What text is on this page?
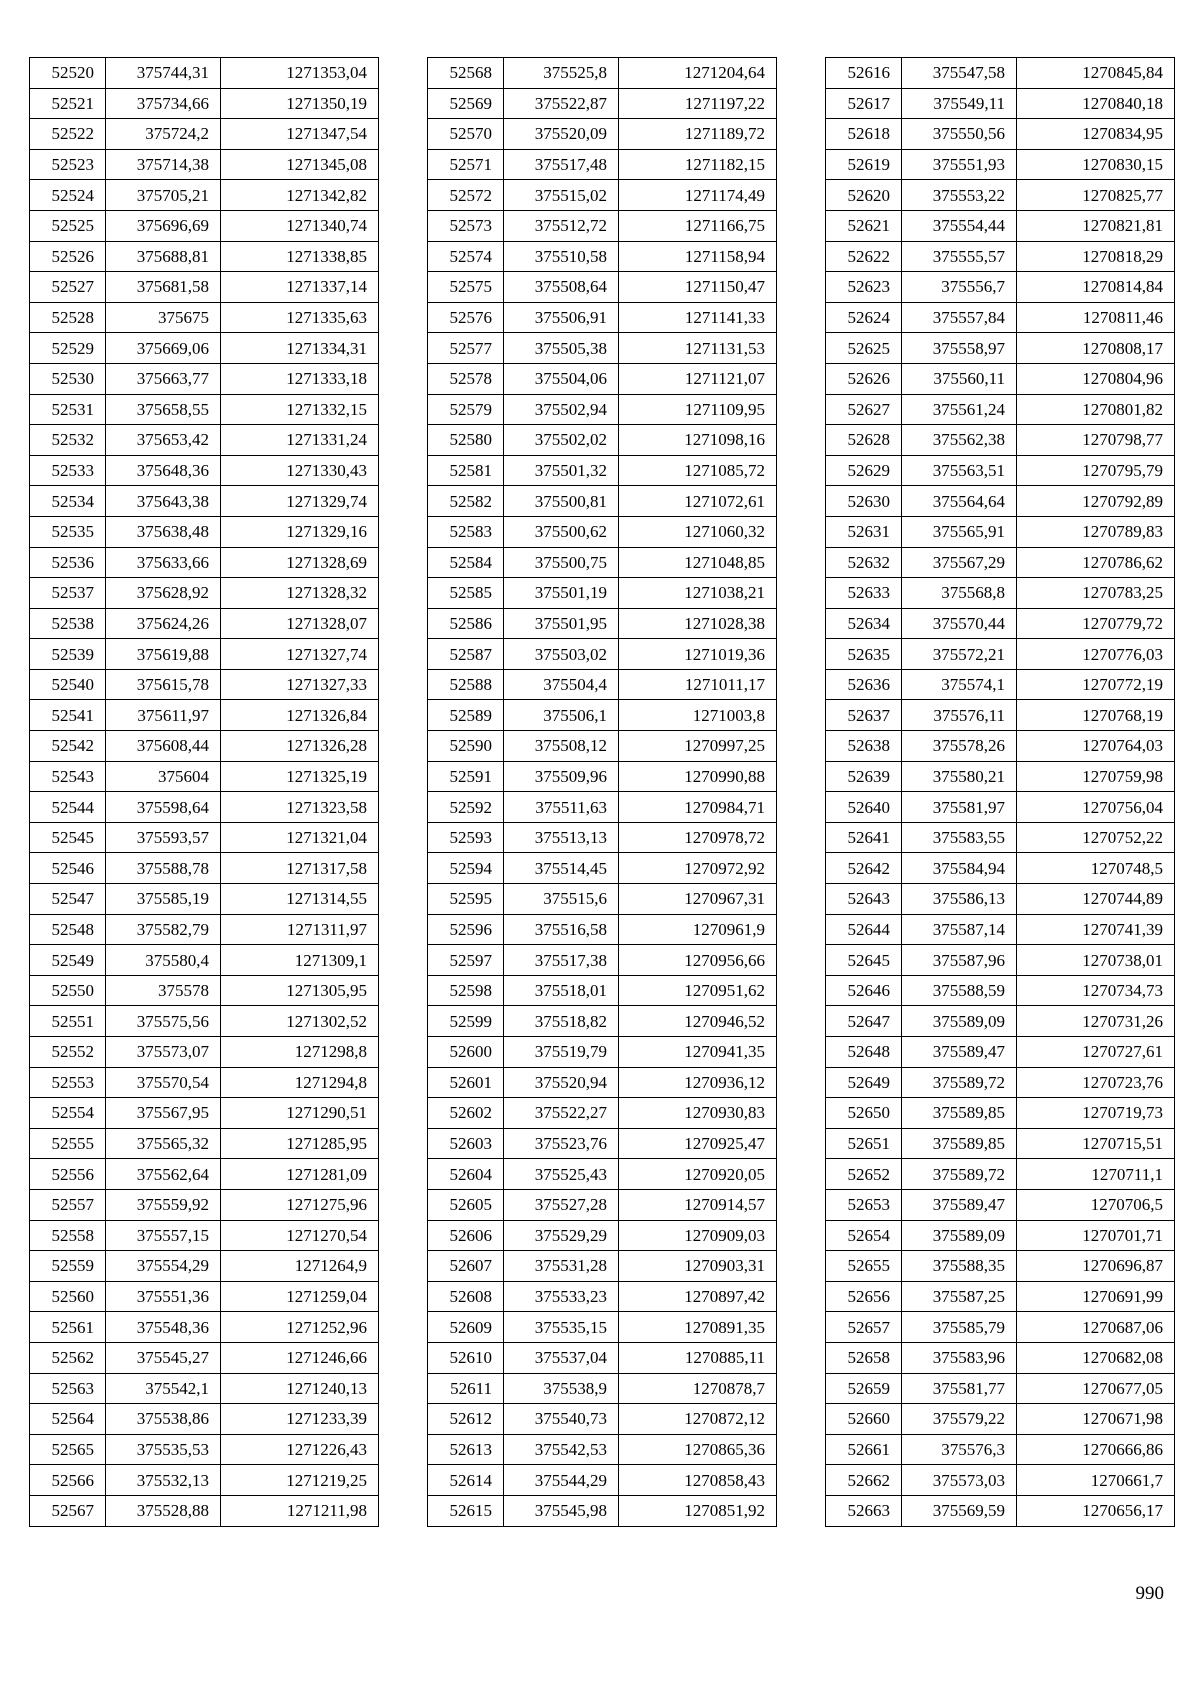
52520	375744,31	1271353,04
52521	375734,66	1271350,19
52522	375724,2	1271347,54
52523	375714,38	1271345,08
52524	375705,21	1271342,82
52525	375696,69	1271340,74
52526	375688,81	1271338,85
52527	375681,58	1271337,14
52528	375675	1271335,63
52529	375669,06	1271334,31
52530	375663,77	1271333,18
52531	375658,55	1271332,15
52532	375653,42	1271331,24
52533	375648,36	1271330,43
52534	375643,38	1271329,74
52535	375638,48	1271329,16
52536	375633,66	1271328,69
52537	375628,92	1271328,32
52538	375624,26	1271328,07
52539	375619,88	1271327,74
52540	375615,78	1271327,33
52541	375611,97	1271326,84
52542	375608,44	1271326,28
52543	375604	1271325,19
52544	375598,64	1271323,58
52545	375593,57	1271321,04
52546	375588,78	1271317,58
52547	375585,19	1271314,55
52548	375582,79	1271311,97
52549	375580,4	1271309,1
52550	375578	1271305,95
52551	375575,56	1271302,52
52552	375573,07	1271298,8
52553	375570,54	1271294,8
52554	375567,95	1271290,51
52555	375565,32	1271285,95
52556	375562,64	1271281,09
52557	375559,92	1271275,96
52558	375557,15	1271270,54
52559	375554,29	1271264,9
52560	375551,36	1271259,04
52561	375548,36	1271252,96
52562	375545,27	1271246,66
52563	375542,1	1271240,13
52564	375538,86	1271233,39
52565	375535,53	1271226,43
52566	375532,13	1271219,25
52567	375528,88	1271211,98
52568	375525,8	1271204,64
52569	375522,87	1271197,22
52570	375520,09	1271189,72
52571	375517,48	1271182,15
52572	375515,02	1271174,49
52573	375512,72	1271166,75
52574	375510,58	1271158,94
52575	375508,64	1271150,47
52576	375506,91	1271141,33
52577	375505,38	1271131,53
52578	375504,06	1271121,07
52579	375502,94	1271109,95
52580	375502,02	1271098,16
52581	375501,32	1271085,72
52582	375500,81	1271072,61
52583	375500,62	1271060,32
52584	375500,75	1271048,85
52585	375501,19	1271038,21
52586	375501,95	1271028,38
52587	375503,02	1271019,36
52588	375504,4	1271011,17
52589	375506,1	1271003,8
52590	375508,12	1270997,25
52591	375509,96	1270990,88
52592	375511,63	1270984,71
52593	375513,13	1270978,72
52594	375514,45	1270972,92
52595	375515,6	1270967,31
52596	375516,58	1270961,9
52597	375517,38	1270956,66
52598	375518,01	1270951,62
52599	375518,82	1270946,52
52600	375519,79	1270941,35
52601	375520,94	1270936,12
52602	375522,27	1270930,83
52603	375523,76	1270925,47
52604	375525,43	1270920,05
52605	375527,28	1270914,57
52606	375529,29	1270909,03
52607	375531,28	1270903,31
52608	375533,23	1270897,42
52609	375535,15	1270891,35
52610	375537,04	1270885,11
52611	375538,9	1270878,7
52612	375540,73	1270872,12
52613	375542,53	1270865,36
52614	375544,29	1270858,43
52615	375545,98	1270851,92
52616	375547,58	1270845,84
52617	375549,11	1270840,18
52618	375550,56	1270834,95
52619	375551,93	1270830,15
52620	375553,22	1270825,77
52621	375554,44	1270821,81
52622	375555,57	1270818,29
52623	375556,7	1270814,84
52624	375557,84	1270811,46
52625	375558,97	1270808,17
52626	375560,11	1270804,96
52627	375561,24	1270801,82
52628	375562,38	1270798,77
52629	375563,51	1270795,79
52630	375564,64	1270792,89
52631	375565,91	1270789,83
52632	375567,29	1270786,62
52633	375568,8	1270783,25
52634	375570,44	1270779,72
52635	375572,21	1270776,03
52636	375574,1	1270772,19
52637	375576,11	1270768,19
52638	375578,26	1270764,03
52639	375580,21	1270759,98
52640	375581,97	1270756,04
52641	375583,55	1270752,22
52642	375584,94	1270748,5
52643	375586,13	1270744,89
52644	375587,14	1270741,39
52645	375587,96	1270738,01
52646	375588,59	1270734,73
52647	375589,09	1270731,26
52648	375589,47	1270727,61
52649	375589,72	1270723,76
52650	375589,85	1270719,73
52651	375589,85	1270715,51
52652	375589,72	1270711,1
52653	375589,47	1270706,5
52654	375589,09	1270701,71
52655	375588,35	1270696,87
52656	375587,25	1270691,99
52657	375585,79	1270687,06
52658	375583,96	1270682,08
52659	375581,77	1270677,05
52660	375579,22	1270671,98
52661	375576,3	1270666,86
52662	375573,03	1270661,7
52663	375569,59	1270656,17
990
